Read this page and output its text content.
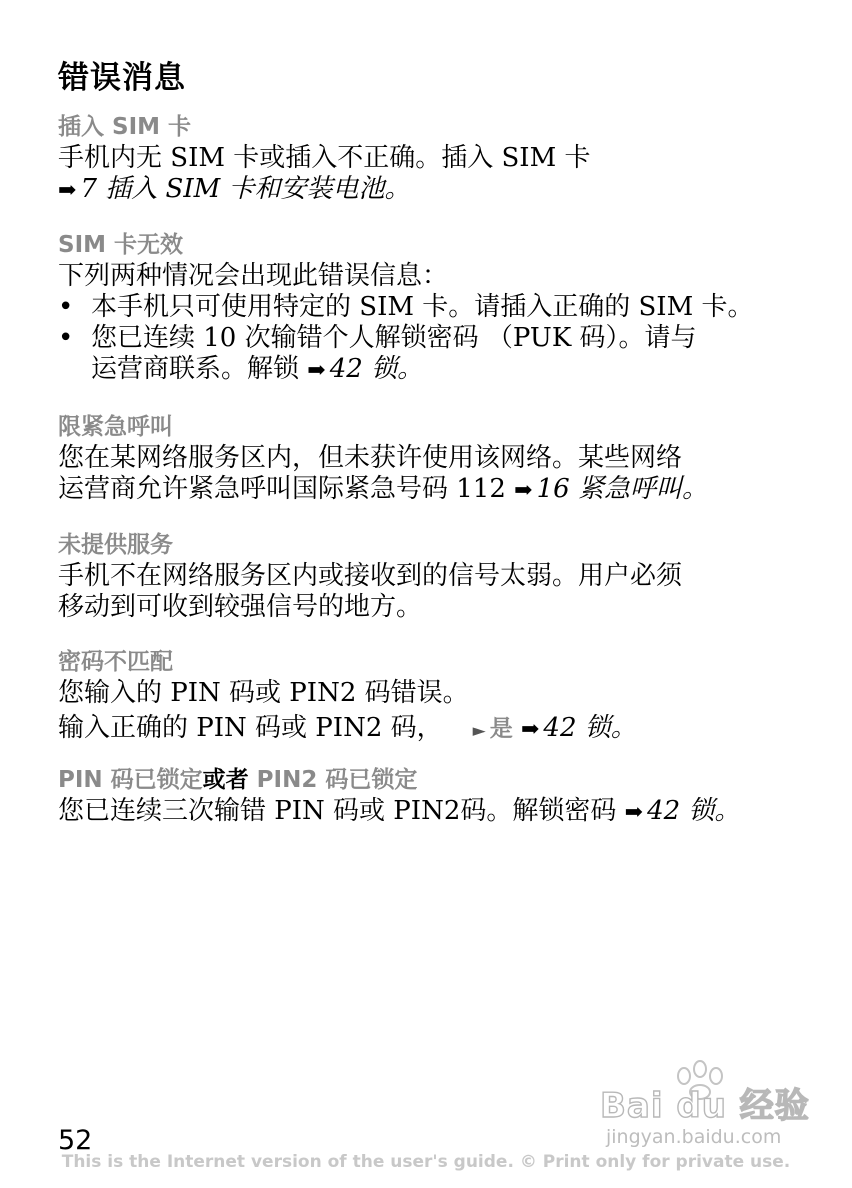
错误消息
插入 SIM 卡
手机内无 SIM 卡或插入不正确。插入 SIM 卡
➡ 7 插入 SIM 卡和安装电池。
SIM 卡无效
下列两种情况会出现此错误信息：
• 本手机只可使用特定的 SIM 卡。请插入正确的 SIM 卡。
• 您已连续 10 次输错个人解锁密码 （PUK 码）。请与
运营商联系。解锁 ➡ 42 锁。
限紧急呼叫
您在某网络服务区内，但未获许使用该网络。某些网络
运营商允许紧急呼叫国际紧急号码 112 ➡ 16 紧急呼叫。
未提供服务
手机不在网络服务区内或接收到的信号太弱。用户必须
移动到可收到较强信号的地方。
密码不匹配
您输入的 PIN 码或 PIN2 码错误。
输入正确的 PIN 码或 PIN2 码， ► 是 ➡ 42 锁。
PIN 码已锁定或者 PIN2 码已锁定
您已连续三次输错 PIN 码或 PIN2码。解锁密码 ➡ 42 锁。
Bai du 经验
jingyan.baidu.com
52
This is the Internet version of the user's guide. © Print only for private use.
